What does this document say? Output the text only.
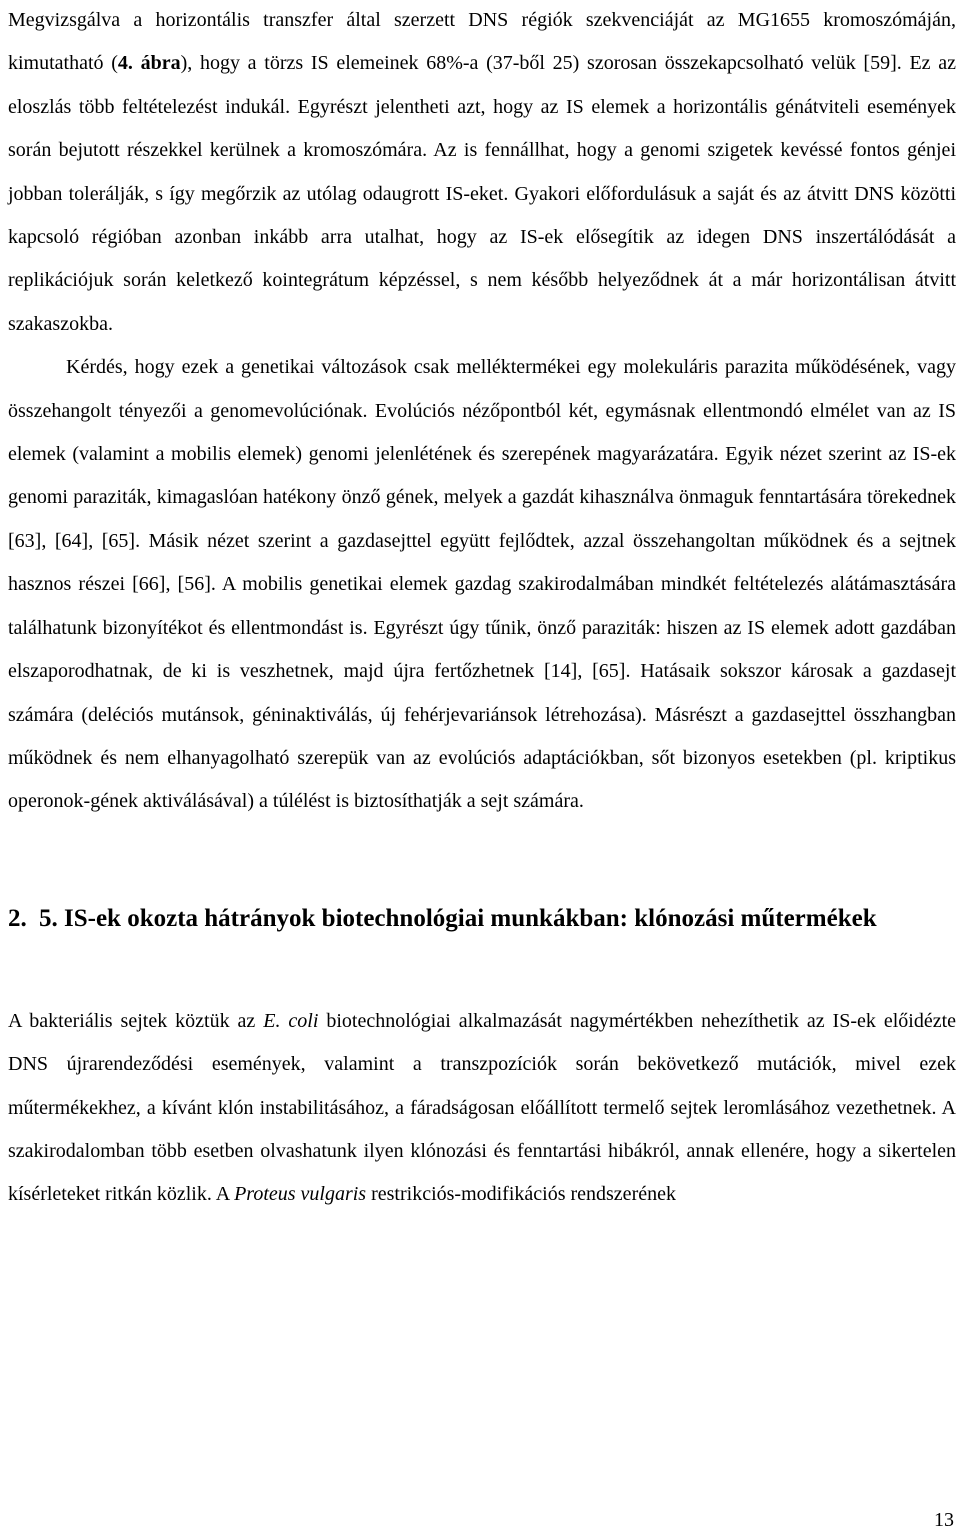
Megvizsgálva a horizontális transzfer által szerzett DNS régiók szekvenciáját az MG1655 kromoszómáján, kimutatható (4. ábra), hogy a törzs IS elemeinek 68%-a (37-ből 25) szorosan összekapcsolható velük [59]. Ez az eloszlás több feltételezést indukál. Egyrészt jelentheti azt, hogy az IS elemek a horizontális génátviteli események során bejutott részekkel kerülnek a kromoszómára. Az is fennállhat, hogy a genomi szigetek kevéssé fontos génjei jobban tolerálják, s így megőrzik az utólag odaugrott IS-eket. Gyakori előfordulásuk a saját és az átvitt DNS közötti kapcsoló régióban azonban inkább arra utalhat, hogy az IS-ek elősegítik az idegen DNS inszertálódását a replikációjuk során keletkező kointegrátum képzéssel, s nem később helyeződnek át a már horizontálisan átvitt szakaszokba.

Kérdés, hogy ezek a genetikai változások csak melléktermékei egy molekuláris parazita működésének, vagy összehangolt tényezői a genomevolúciónak. Evolúciós nézőpontból két, egymásnak ellentmondó elmélet van az IS elemek (valamint a mobilis elemek) genomi jelenlétének és szerepének magyarázatára. Egyik nézet szerint az IS-ek genomi paraziták, kimagaslóan hatékony önző gének, melyek a gazdát kihasználva önmaguk fenntartására törekednek [63], [64], [65]. Másik nézet szerint a gazdasejttel együtt fejlődtek, azzal összehangoltan működnek és a sejtnek hasznos részei [66], [56]. A mobilis genetikai elemek gazdag szakirodalmában mindkét feltételezés alátámasztására találhatunk bizonyítékot és ellentmondást is. Egyrészt úgy tűnik, önző paraziták: hiszen az IS elemek adott gazdában elszaporodhatnak, de ki is veszhetnek, majd újra fertőzhetnek [14], [65]. Hatásaik sokszor károsak a gazdasejt számára (deléciós mutánsok, géninaktiválás, új fehérjevariánsok létrehozása). Másrészt a gazdasejttel összhangban működnek és nem elhanyagolható szerepük van az evolúciós adaptációkban, sőt bizonyos esetekben (pl. kriptikus operonok-gének aktiválásával) a túlélést is biztosíthatják a sejt számára.

2. 5. IS-ek okozta hátrányok biotechnológiai munkákban: klónozási műtermékek

A bakteriális sejtek köztük az E. coli biotechnológiai alkalmazását nagymértékben nehezíthetik az IS-ek előidézte DNS újrarendeződési események, valamint a transzpozíciók során bekövetkező mutációk, mivel ezek műtermékekhez, a kívánt klón instabilitásához, a fáradságosan előállított termelő sejtek leromlásához vezethetnek. A szakirodalomban több esetben olvashatunk ilyen klónozási és fenntartási hibákról, annak ellenére, hogy a sikertelen kísérleteket ritkán közlik. A Proteus vulgaris restrikciós-modifikációs rendszerének

13
